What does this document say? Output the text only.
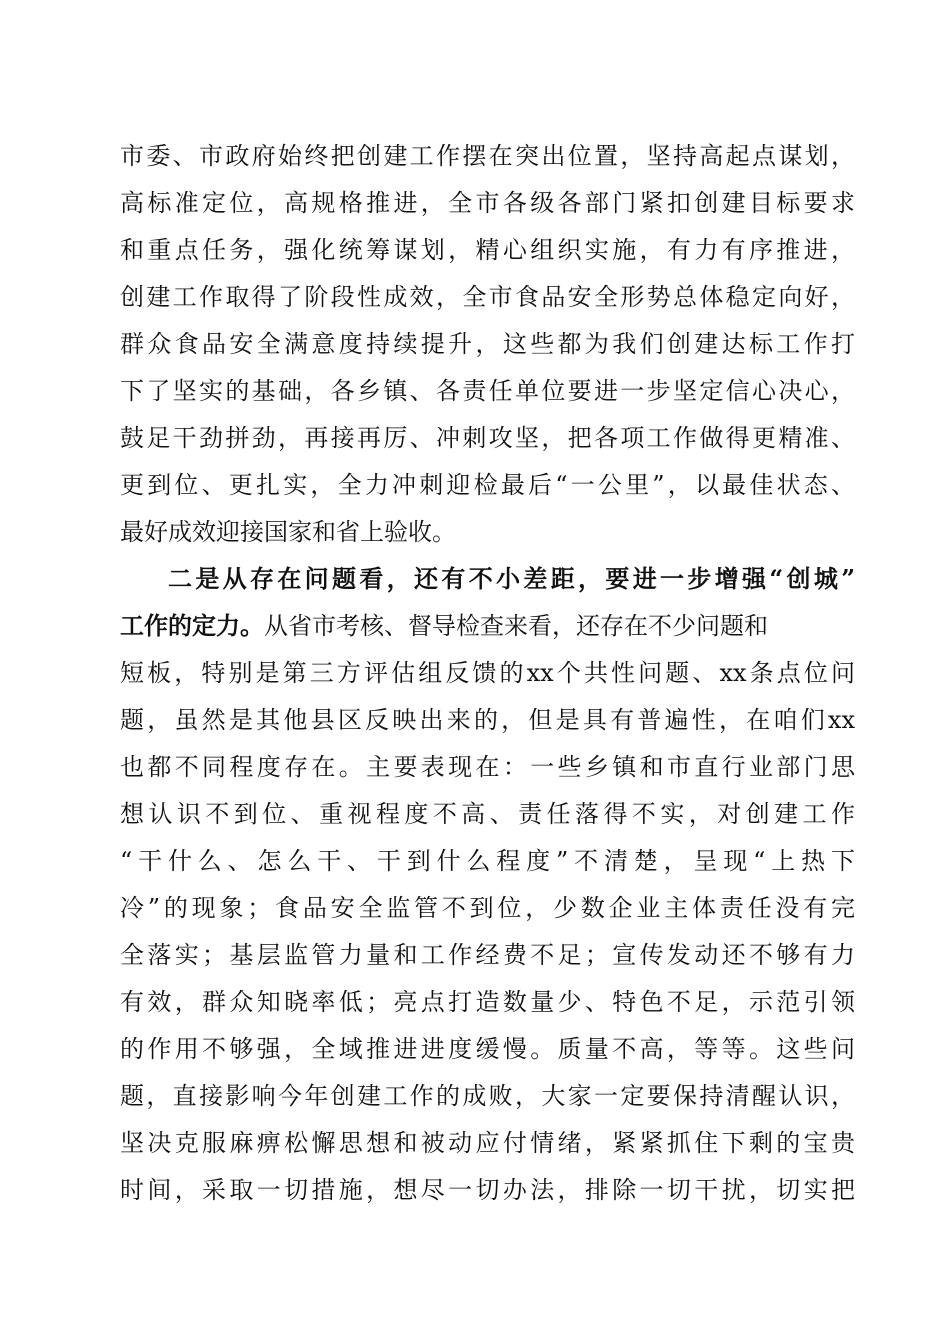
市委、市政府始终把创建工作摆在突出位置，坚持高起点谋划，
高标准定位，高规格推进，全市各级各部门紧扣创建目标要求
和重点任务，强化统筹谋划，精心组织实施，有力有序推进，
创建工作取得了阶段性成效，全市食品安全形势总体稳定向好，
群众食品安全满意度持续提升，这些都为我们创建达标工作打
下了坚实的基础，各乡镇、各责任单位要进一步坚定信心决心，
鼓足干劲拼劲，再接再厉、冲刺攻坚，把各项工作做得更精准、
更到位、更扎实，全力冲刺迎检最后“一公里”，以最佳状态、
最好成效迎接国家和省上验收。
二是从存在问题看，还有不小差距，要进一步增强“创城”
工作的定力。从省市考核、督导检查来看，还存在不少问题和
短板，特别是第三方评估组反馈的xx个共性问题、xx条点位问
题，虽然是其他县区反映出来的，但是具有普遍性，在咱们xx
也都不同程度存在。主要表现在：一些乡镇和市直行业部门思
想认识不到位、重视程度不高、责任落得不实，对创建工作
“干什么、怎么干、干到什么程度”不清楚，呈现“上热下
冷”的现象；食品安全监管不到位，少数企业主体责任没有完
全落实；基层监管力量和工作经费不足；宣传发动还不够有力
有效，群众知晓率低；亮点打造数量少、特色不足，示范引领
的作用不够强，全域推进进度缓慢。质量不高，等等。这些问
题，直接影响今年创建工作的成败，大家一定要保持清醒认识，
坚决克服麻痹松懈思想和被动应付情绪，紧紧抓住下剩的宝贵
时间，采取一切措施，想尽一切办法，排除一切干扰，切实把
